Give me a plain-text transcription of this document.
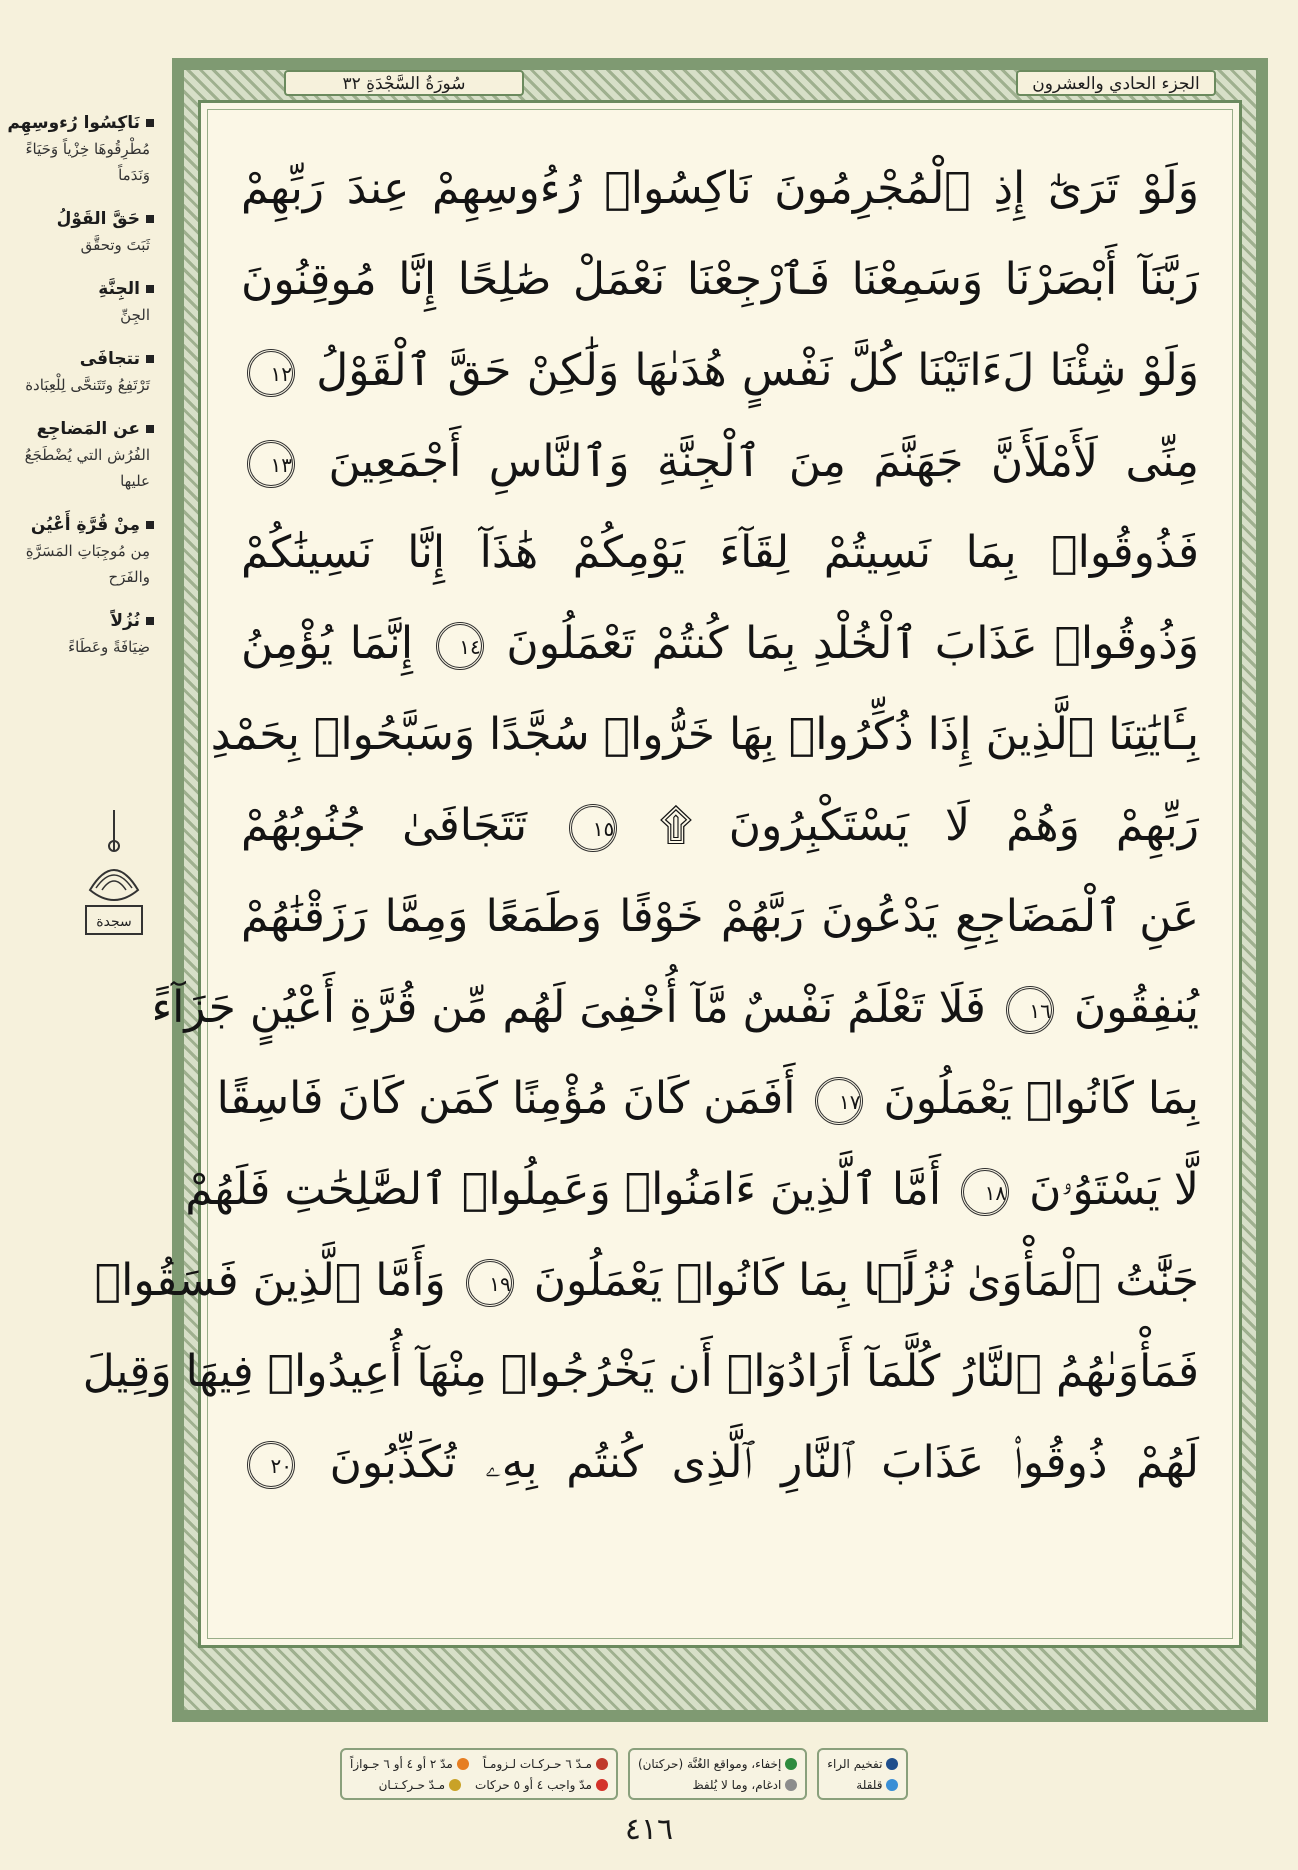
نَاكِسُوا رُءوسِهِم
مُطْرِقُوهَا خِزْياً وَحَيَاءً وَنَدَماً
حَقَّ القَوْلُ
ثَبَتَ وتحقَّق
الجِنَّةِ
الجِنِّ
تتجافَى
تَرْتَفِعُ وتَتَنحَّى لِلْعِبَادة
عن المَضاجِع
الفُرُش التي يُضْطَجَعُ عليها
مِنْ قُرَّةِ أَعْيُن
مِن مُوجِبَاتِ المَسَرَّةِ والفَرَح
نُزُلاً
ضِيَافَةً وعَطَاءً
سجدة
سُورَةُ السَّجْدَةِ ٣٢	الجزء الحادي والعشرون
وَلَوْ تَرَىٰٓ إِذِ ٱلْمُجْرِمُونَ نَاكِسُوا۟ رُءُوسِهِمْ عِندَ رَبِّهِمْ
رَبَّنَآ أَبْصَرْنَا وَسَمِعْنَا فَٱرْجِعْنَا نَعْمَلْ صَٰلِحًا إِنَّا مُوقِنُونَ
وَلَوْ شِئْنَا لَءَاتَيْنَا كُلَّ نَفْسٍ هُدَىٰهَا وَلَٰكِنْ حَقَّ ٱلْقَوْلُ ١٢
مِنِّى لَأَمْلَأَنَّ جَهَنَّمَ مِنَ ٱلْجِنَّةِ وَٱلنَّاسِ أَجْمَعِينَ ١٣
فَذُوقُوا۟ بِمَا نَسِيتُمْ لِقَآءَ يَوْمِكُمْ هَٰذَآ إِنَّا نَسِينَٰكُمْ
وَذُوقُوا۟ عَذَابَ ٱلْخُلْدِ بِمَا كُنتُمْ تَعْمَلُونَ ١٤ إِنَّمَا يُؤْمِنُ
بِـَٔايَٰتِنَا ٱلَّذِينَ إِذَا ذُكِّرُوا۟ بِهَا خَرُّوا۟ سُجَّدًا وَسَبَّحُوا۟ بِحَمْدِ
رَبِّهِمْ وَهُمْ لَا يَسْتَكْبِرُونَ ۩ ١٥ تَتَجَافَىٰ جُنُوبُهُمْ
عَنِ ٱلْمَضَاجِعِ يَدْعُونَ رَبَّهُمْ خَوْفًا وَطَمَعًا وَمِمَّا رَزَقْنَٰهُمْ
يُنفِقُونَ ١٦ فَلَا تَعْلَمُ نَفْسٌ مَّآ أُخْفِىَ لَهُم مِّن قُرَّةِ أَعْيُنٍ جَزَآءً
بِمَا كَانُوا۟ يَعْمَلُونَ ١٧ أَفَمَن كَانَ مُؤْمِنًا كَمَن كَانَ فَاسِقًا
لَّا يَسْتَوُۥنَ ١٨ أَمَّا ٱلَّذِينَ ءَامَنُوا۟ وَعَمِلُوا۟ ٱلصَّٰلِحَٰتِ فَلَهُمْ
جَنَّٰتُ ٱلْمَأْوَىٰ نُزُلًۢا بِمَا كَانُوا۟ يَعْمَلُونَ ١٩ وَأَمَّا ٱلَّذِينَ فَسَقُوا۟
فَمَأْوَىٰهُمُ ٱلنَّارُ كُلَّمَآ أَرَادُوٓا۟ أَن يَخْرُجُوا۟ مِنْهَآ أُعِيدُوا۟ فِيهَا وَقِيلَ
لَهُمْ ذُوقُوا۟ عَذَابَ ٱلنَّارِ ٱلَّذِى كُنتُم بِهِۦ تُكَذِّبُونَ ٢٠
مـدّ ٦ حـركـات لـزومـاً
مدّ ٢ أو ٤ أو ٦ جـوازاً
مدّ واجب ٤ أو ٥ حركات
مـدّ حـركـتـان
إخفاء، ومواقع الغُنَّة (حركتان)
ادغام، وما لا يُلفظ
تفخيم الراء
قلقلة
٤١٦
